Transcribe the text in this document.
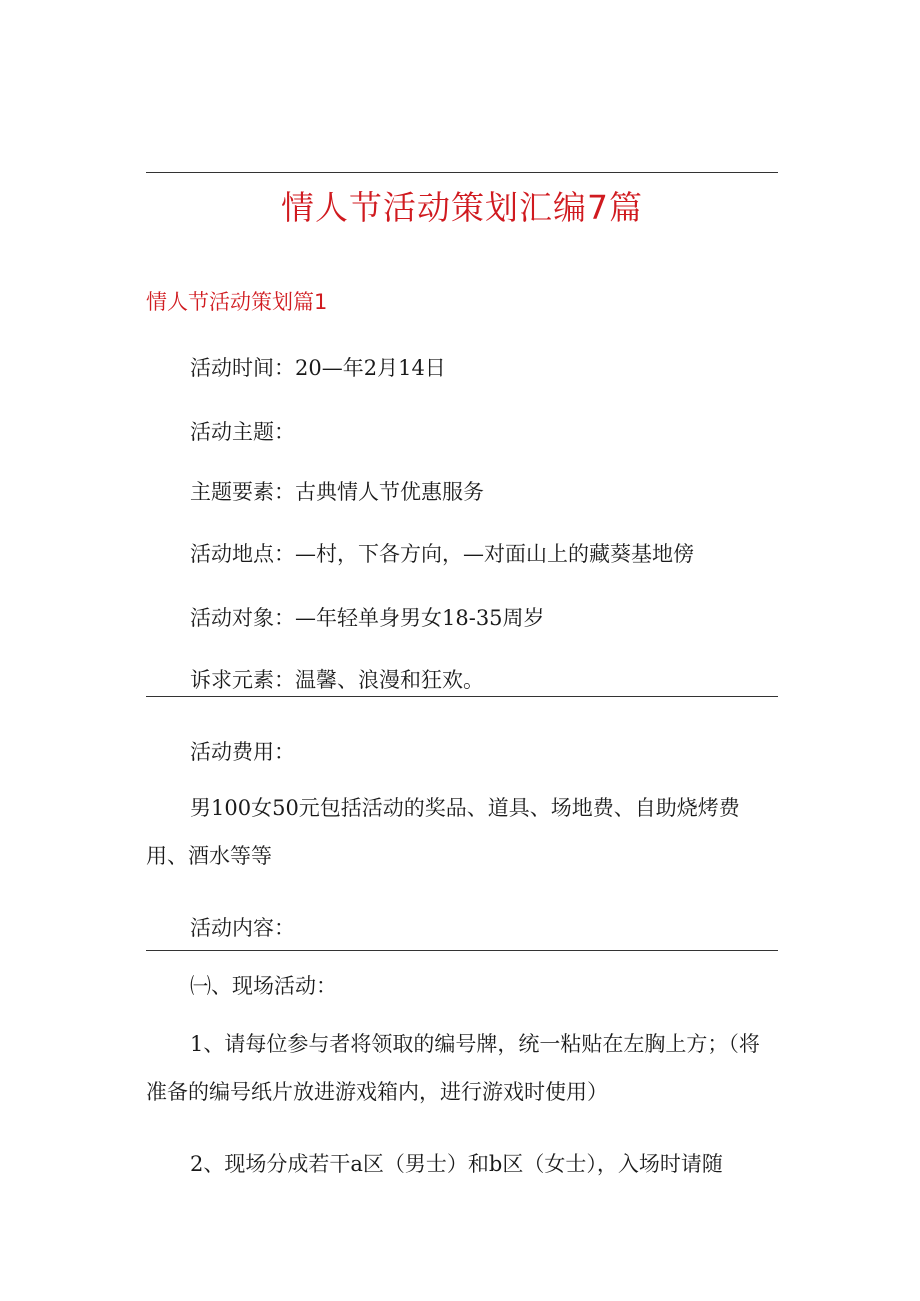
情人节活动策划汇编7篇
情人节活动策划篇1
活动时间：20—年2月14日
活动主题：
主题要素：古典情人节优惠服务
活动地点：—村，下各方向，—对面山上的藏葵基地傍
活动对象：—年轻单身男女18-35周岁
诉求元素：温馨、浪漫和狂欢。
活动费用：
男100女50元包括活动的奖品、道具、场地费、自助烧烤费用、酒水等等
活动内容：
㈠、现场活动：
1、请每位参与者将领取的编号牌，统一粘贴在左胸上方；（将准备的编号纸片放进游戏箱内，进行游戏时使用）
2、现场分成若干a区（男士）和b区（女士），入场时请随
